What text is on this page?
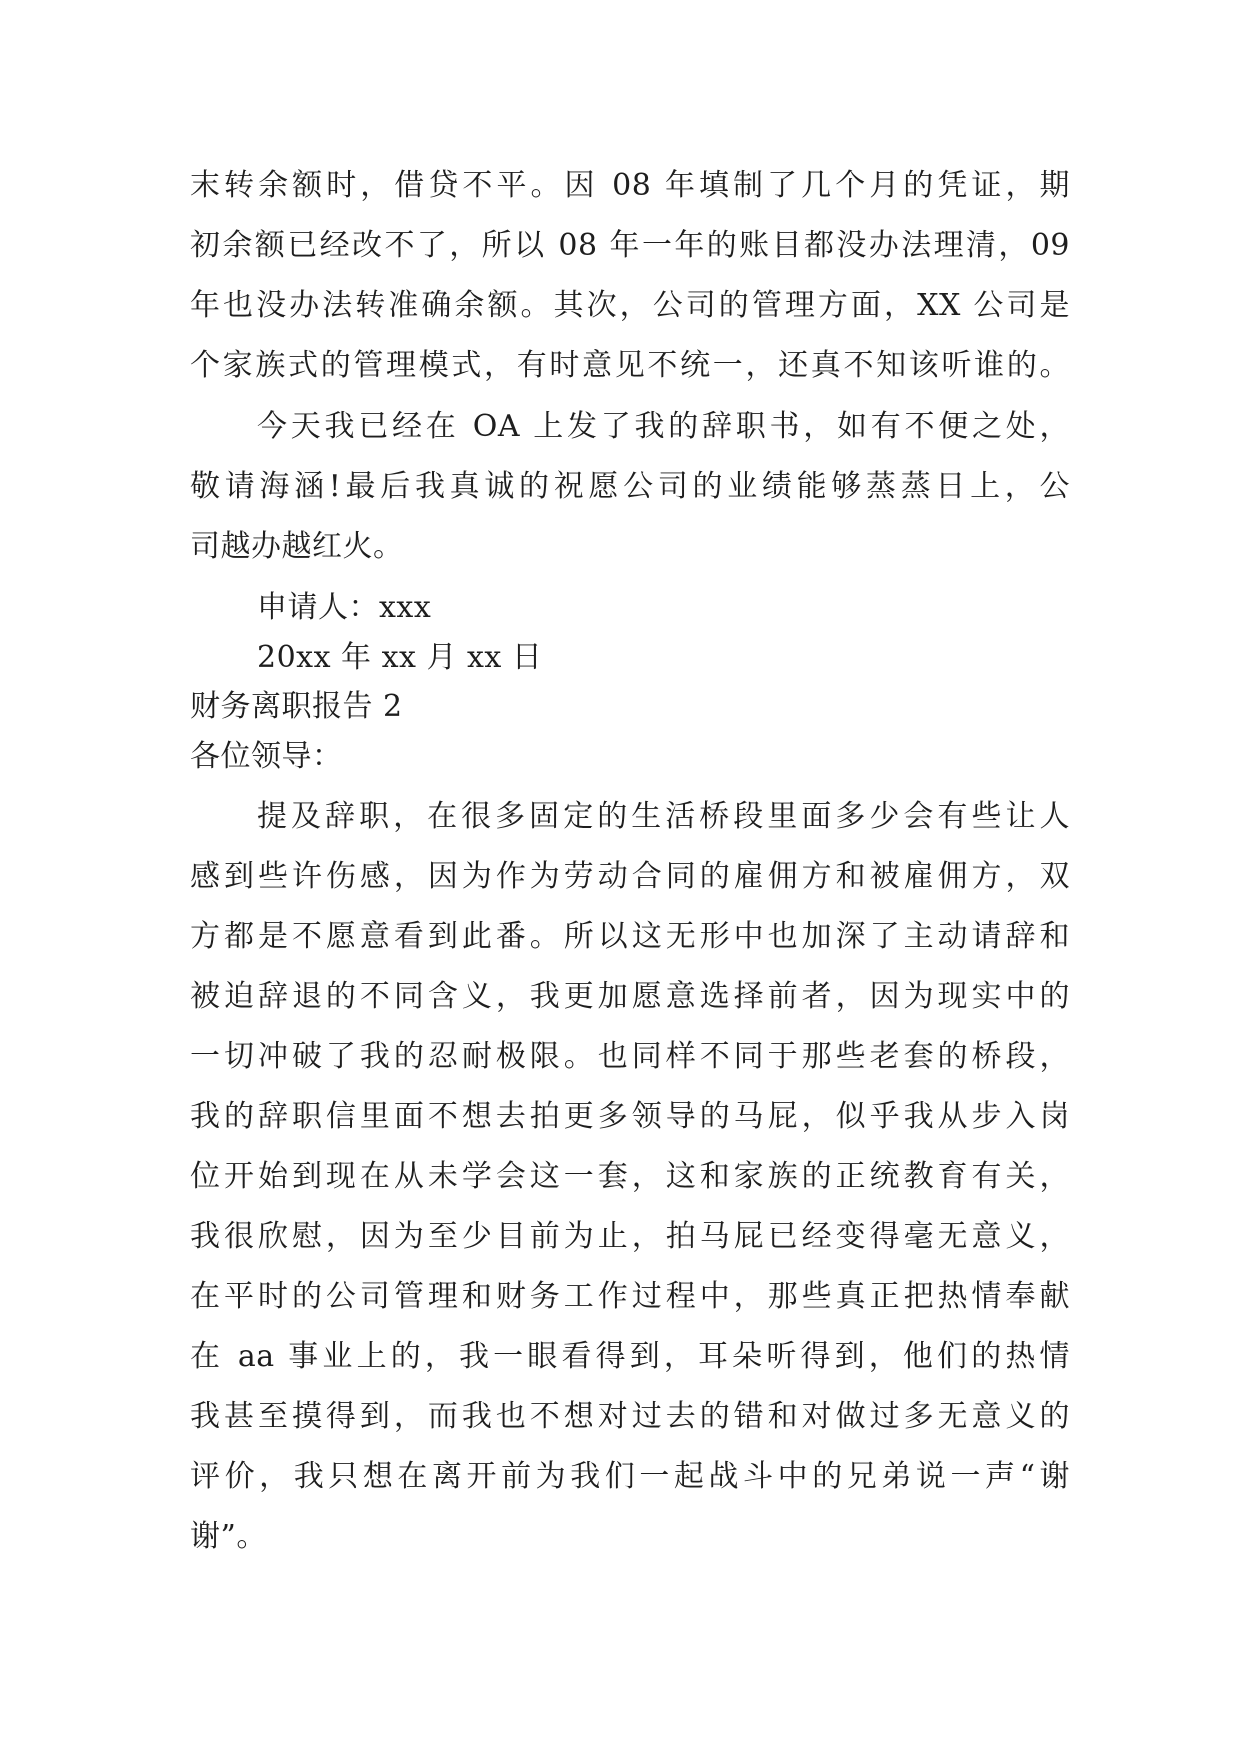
末转余额时，借贷不平。因 08 年填制了几个月的凭证，期
初余额已经改不了，所以 08 年一年的账目都没办法理清，09
年也没办法转准确余额。其次，公司的管理方面，XX 公司是
个家族式的管理模式，有时意见不统一，还真不知该听谁的。
今天我已经在 OA 上发了我的辞职书，如有不便之处，
敬请海涵!最后我真诚的祝愿公司的业绩能够蒸蒸日上，公
司越办越红火。
申请人：xxx
20xx 年 xx 月 xx 日
财务离职报告 2
各位领导：
提及辞职，在很多固定的生活桥段里面多少会有些让人
感到些许伤感，因为作为劳动合同的雇佣方和被雇佣方，双
方都是不愿意看到此番。所以这无形中也加深了主动请辞和
被迫辞退的不同含义，我更加愿意选择前者，因为现实中的
一切冲破了我的忍耐极限。也同样不同于那些老套的桥段，
我的辞职信里面不想去拍更多领导的马屁，似乎我从步入岗
位开始到现在从未学会这一套，这和家族的正统教育有关，
我很欣慰，因为至少目前为止，拍马屁已经变得毫无意义，
在平时的公司管理和财务工作过程中，那些真正把热情奉献
在 aa 事业上的，我一眼看得到，耳朵听得到，他们的热情
我甚至摸得到，而我也不想对过去的错和对做过多无意义的
评价，我只想在离开前为我们一起战斗中的兄弟说一声“谢
谢”。
